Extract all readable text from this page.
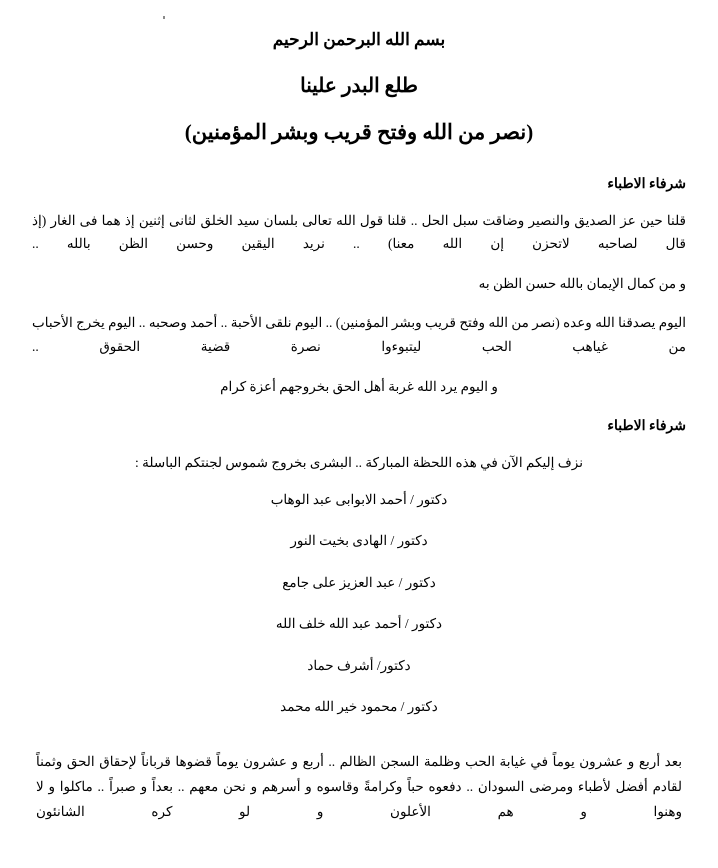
بسم الله البرحمن الرحيم
طلع البدر علينا
(نصر من الله وفتح قريب وبشر المؤمنين)
شرفاء الاطباء

قلنا حين عز الصديق والنصير وضاقت سبل الحل .. قلنا قول الله تعالى بلسان سيد الخلق لثانى إثنين إذ هما فى الغار (إذ قال لصاحبه لاتحزن إن الله معنا) .. نريد اليقين وحسن الظن بالله ..

و من كمال الإيمان بالله حسن الظن به

اليوم يصدقنا الله وعده (نصر من الله وفتح قريب وبشر المؤمنين) .. اليوم نلقى الأحبة .. أحمد وصحبه .. اليوم يخرج الأحباب من غياهب الحب ليتبوءوا نصرة قضية الحقوق ..

و اليوم يرد الله غربة أهل الحق بخروجهم أعزة كرام

شرفاء الاطباء

نزف إليكم الآن في هذه اللحظة المباركة .. البشرى بخروج شموس لجنتكم الباسلة :

دكتور / أحمد الابوابى عبد الوهاب

دكتور / الهادى بخيت النور

دكتور / عبد العزيز على جامع

دكتور / أحمد عبد الله خلف الله

دكتور/ أشرف حماد

دكتور / محمود خير الله محمد

بعد أربع و عشرون يوماً في غيابة الحب وظلمة السجن الظالم .. أربع و عشرون يوماً قضوها قرباناً لإحقاق الحق وثمناً لقادم أفضل لأطباء ومرضى السودان .. دفعوه حباً وكرامةً وقاسوه و أسرهم و نحن معهم .. بعداً و صبراً .. ماكلوا و لا وهنوا و هم الأعلون و لو كره الشانئون
